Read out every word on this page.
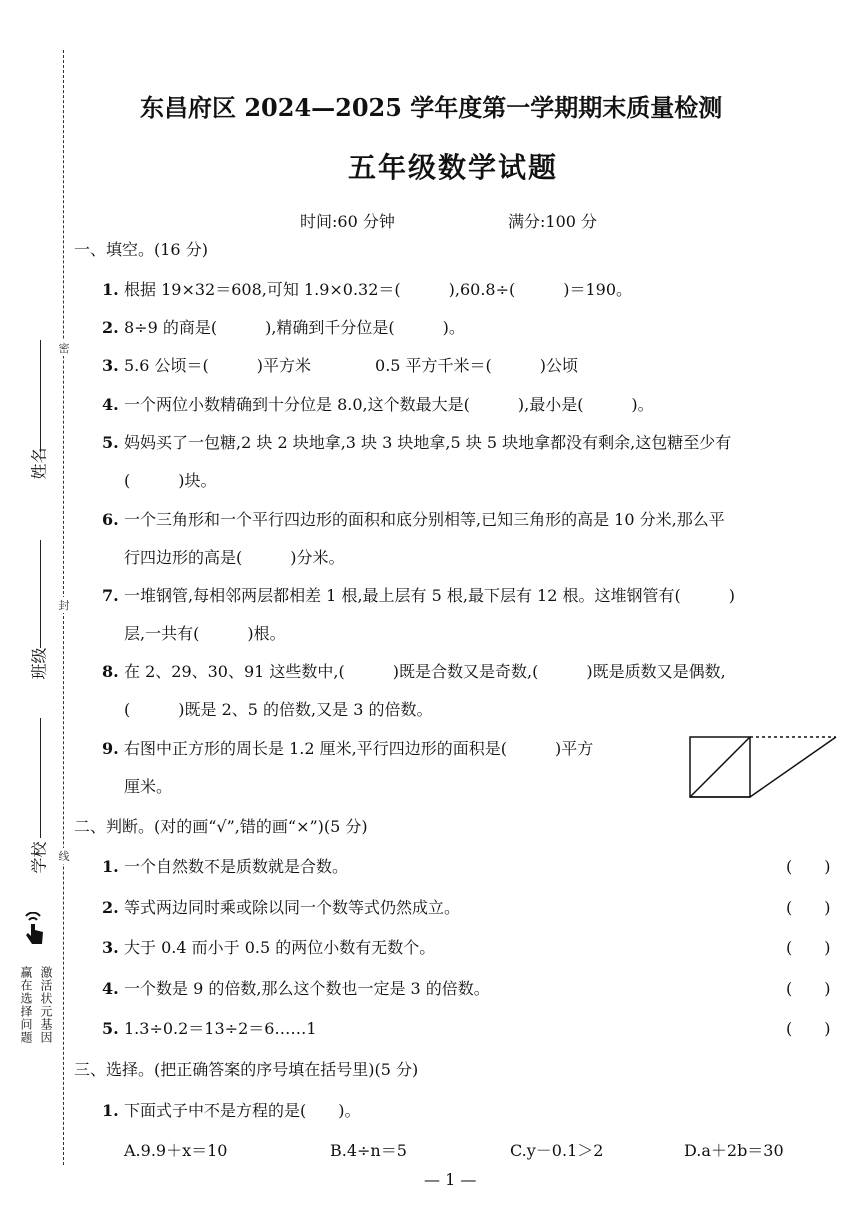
密
封
线
姓名
班级
学校
激活状元基因
赢在选择问题
东昌府区 2024—2025 学年度第一学期期末质量检测
五年级数学试题
时间:60 分钟	满分:100 分
一、填空。(16 分)
1. 根据 19×32＝608,可知 1.9×0.32＝(　　　),60.8÷(　　　)＝190。
2. 8÷9 的商是(　　　),精确到千分位是(　　　)。
3. 5.6 公顷＝(　　　)平方米　　　　0.5 平方千米＝(　　　)公顷
4. 一个两位小数精确到十分位是 8.0,这个数最大是(　　　),最小是(　　　)。
5. 妈妈买了一包糖,2 块 2 块地拿,3 块 3 块地拿,5 块 5 块地拿都没有剩余,这包糖至少有
(　　　)块。
6. 一个三角形和一个平行四边形的面积和底分别相等,已知三角形的高是 10 分米,那么平
行四边形的高是(　　　)分米。
7. 一堆钢管,每相邻两层都相差 1 根,最上层有 5 根,最下层有 12 根。这堆钢管有(　　　)
层,一共有(　　　)根。
8. 在 2、29、30、91 这些数中,(　　　)既是合数又是奇数,(　　　)既是质数又是偶数,
(　　　)既是 2、5 的倍数,又是 3 的倍数。
9. 右图中正方形的周长是 1.2 厘米,平行四边形的面积是(　　　)平方
厘米。
二、判断。(对的画“√”,错的画“×”)(5 分)
1. 一个自然数不是质数就是合数。	(　　)
2. 等式两边同时乘或除以同一个数等式仍然成立。	(　　)
3. 大于 0.4 而小于 0.5 的两位小数有无数个。	(　　)
4. 一个数是 9 的倍数,那么这个数也一定是 3 的倍数。	(　　)
5. 1.3÷0.2＝13÷2＝6……1	(　　)
三、选择。(把正确答案的序号填在括号里)(5 分)
1. 下面式子中不是方程的是(　　)。
A.9.9＋x＝10	B.4÷n＝5	C.y－0.1＞2	D.a＋2b＝30
— 1 —
